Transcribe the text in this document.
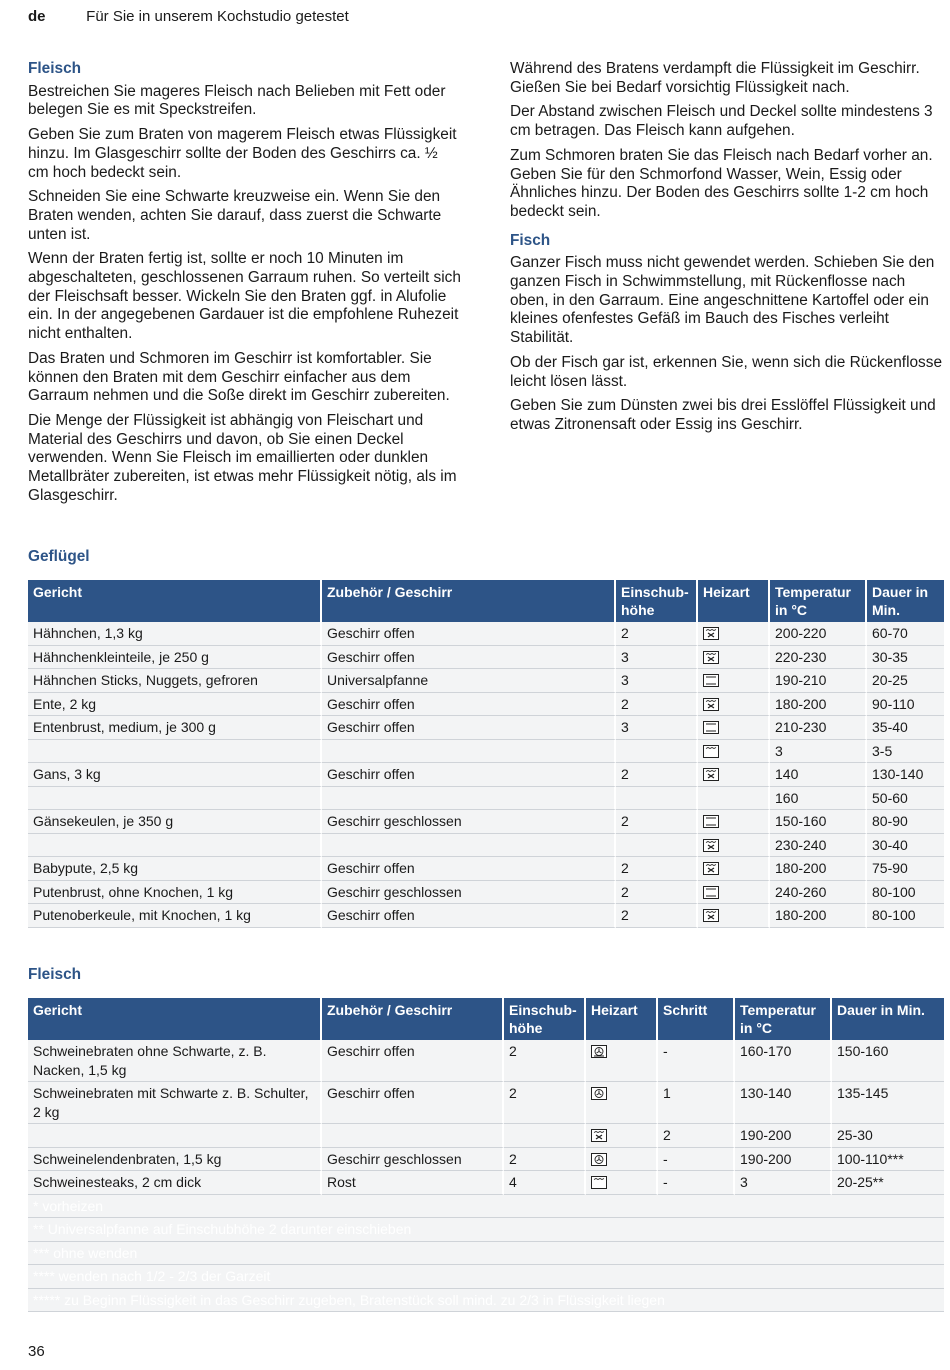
de	Für Sie in unserem Kochstudio getestet
Fleisch

Bestreichen Sie mageres Fleisch nach Belieben mit Fett oder belegen Sie es mit Speckstreifen.

Geben Sie zum Braten von magerem Fleisch etwas Flüssigkeit hinzu. Im Glasgeschirr sollte der Boden des Geschirrs ca. ½ cm hoch bedeckt sein.

Schneiden Sie eine Schwarte kreuzweise ein. Wenn Sie den Braten wenden, achten Sie darauf, dass zuerst die Schwarte unten ist.

Wenn der Braten fertig ist, sollte er noch 10 Minuten im abgeschalteten, geschlossenen Garraum ruhen. So verteilt sich der Fleischsaft besser. Wickeln Sie den Braten ggf. in Alufolie ein. In der angegebenen Gardauer ist die empfohlene Ruhezeit nicht enthalten.

Das Braten und Schmoren im Geschirr ist komfortabler. Sie können den Braten mit dem Geschirr einfacher aus dem Garraum nehmen und die Soße direkt im Geschirr zubereiten.

Die Menge der Flüssigkeit ist abhängig von Fleischart und Material des Geschirrs und davon, ob Sie einen Deckel verwenden. Wenn Sie Fleisch im emaillierten oder dunklen Metallbräter zubereiten, ist etwas mehr Flüssigkeit nötig, als im Glasgeschirr.

Während des Bratens verdampft die Flüssigkeit im Geschirr. Gießen Sie bei Bedarf vorsichtig Flüssigkeit nach.

Der Abstand zwischen Fleisch und Deckel sollte mindestens 3 cm betragen. Das Fleisch kann aufgehen.

Zum Schmoren braten Sie das Fleisch nach Bedarf vorher an. Geben Sie für den Schmorfond Wasser, Wein, Essig oder Ähnliches hinzu. Der Boden des Geschirrs sollte 1-2 cm hoch bedeckt sein.

Fisch

Ganzer Fisch muss nicht gewendet werden. Schieben Sie den ganzen Fisch in Schwimmstellung, mit Rückenflosse nach oben, in den Garraum. Eine angeschnittene Kartoffel oder ein kleines ofenfestes Gefäß im Bauch des Fisches verleiht Stabilität.

Ob der Fisch gar ist, erkennen Sie, wenn sich die Rückenflosse leicht lösen lässt.

Geben Sie zum Dünsten zwei bis drei Esslöffel Flüssigkeit und etwas Zitronensaft oder Essig ins Geschirr.

Geflügel
Gericht	Zubehör / Geschirr	Einschub-höhe	Heizart	Temperatur in °C	Dauer in Min.
Hähnchen, 1,3 kg	Geschirr offen	2		200-220	60-70
Hähnchenkleinteile, je 250 g	Geschirr offen	3		220-230	30-35
Hähnchen Sticks, Nuggets, gefroren	Universalpfanne	3		190-210	20-25
Ente, 2 kg	Geschirr offen	2		180-200	90-110
Entenbrust, medium, je 300 g	Geschirr offen	3		210-230	35-40
				3	3-5
Gans, 3 kg	Geschirr offen	2		140	130-140
				160	50-60
Gänsekeulen, je 350 g	Geschirr geschlossen	2		150-160	80-90
				230-240	30-40
Babypute, 2,5 kg	Geschirr offen	2		180-200	75-90
Putenbrust, ohne Knochen, 1 kg	Geschirr geschlossen	2		240-260	80-100
Putenoberkeule, mit Knochen, 1 kg	Geschirr offen	2		180-200	80-100
Fleisch
Gericht	Zubehör / Geschirr	Einschub-höhe	Heizart	Schritt	Temperatur in °C	Dauer in Min.
Schweinebraten ohne Schwarte, z. B. Nacken, 1,5 kg	Geschirr offen	2		-	160-170	150-160
Schweinebraten mit Schwarte z. B. Schulter, 2 kg	Geschirr offen	2		1	130-140	135-145
				2	190-200	25-30
Schweinelendenbraten, 1,5 kg	Geschirr geschlossen	2		-	190-200	100-110***
Schweinesteaks, 2 cm dick	Rost	4		-	3	20-25**
* vorheizen						
** Universalpfanne auf Einschubhöhe 2 darunter einschieben						
*** ohne wenden						
**** wenden nach 1/2 - 2/3 der Garzeit						
***** zu Beginn Flüssigkeit in das Geschirr zugeben, Bratenstück soll mind. zu 2/3 in Flüssigkeit liegen						
36
